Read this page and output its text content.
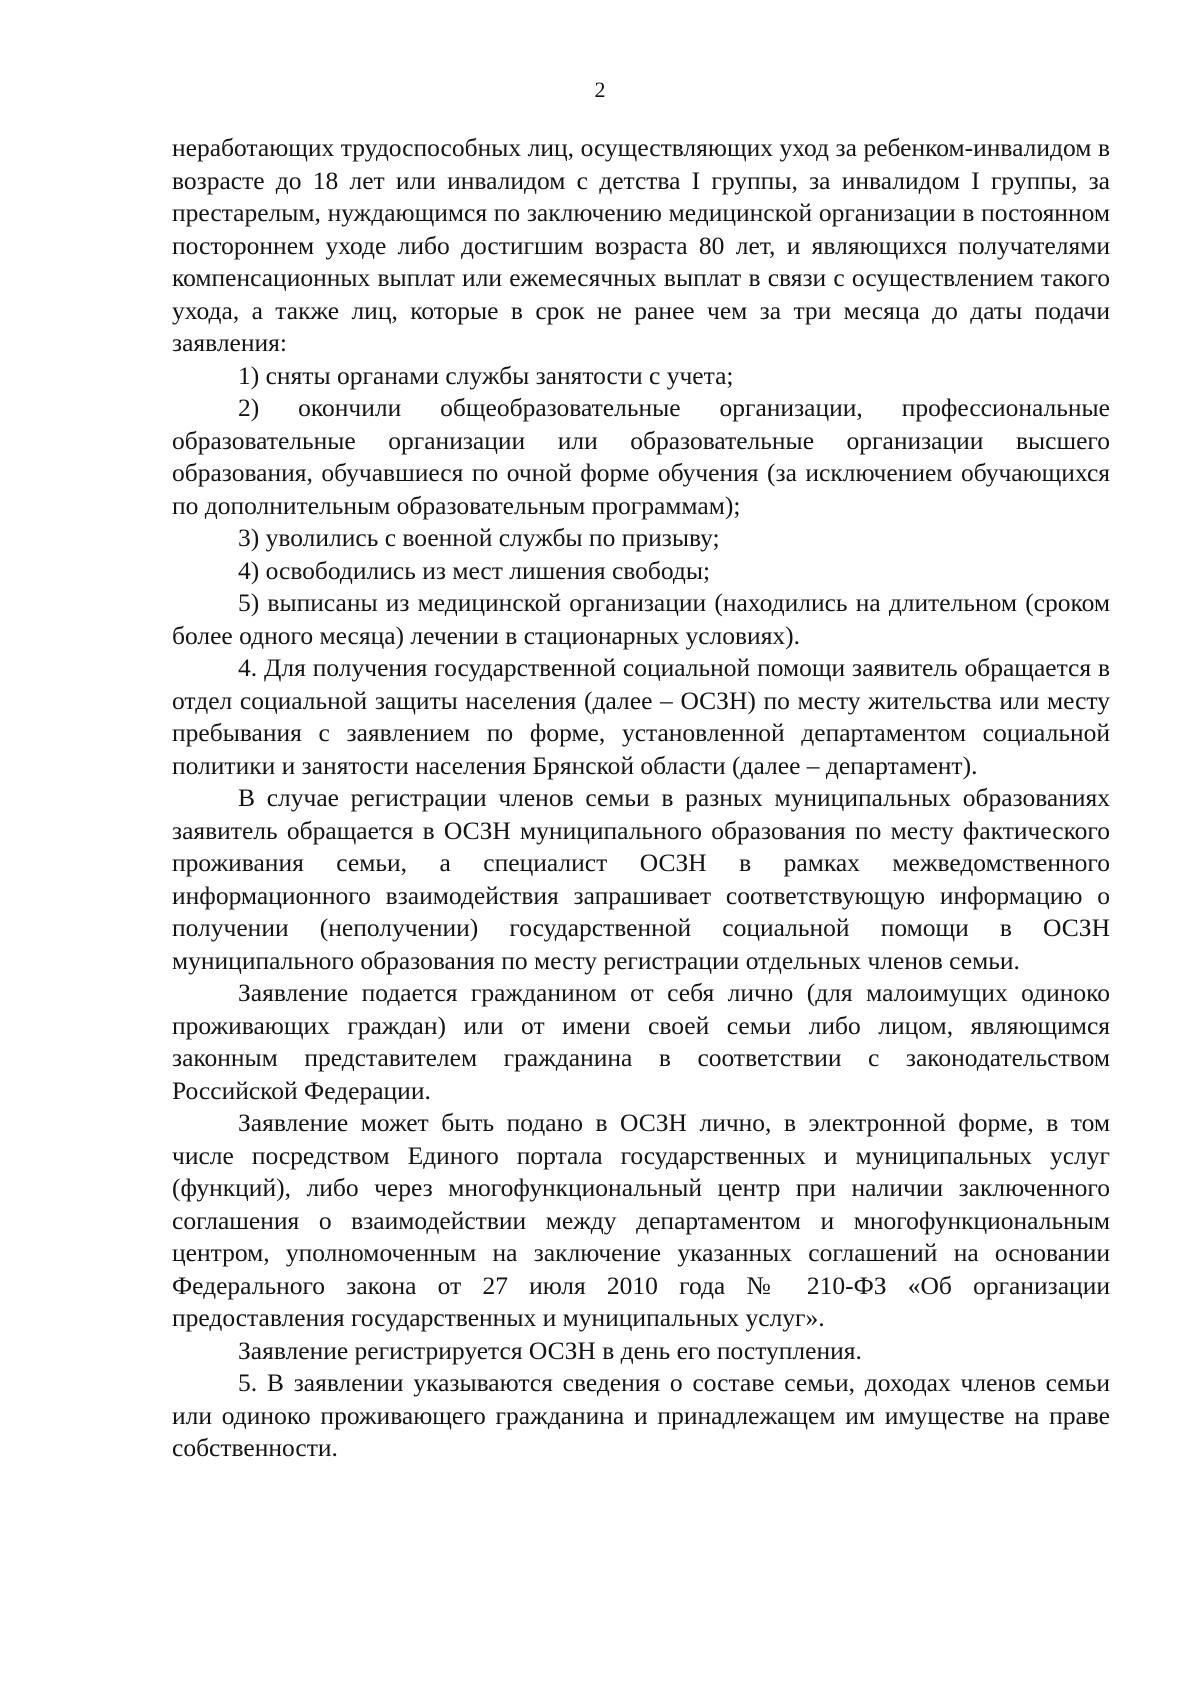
2

неработающих трудоспособных лиц, осуществляющих уход за ребенком-инвалидом в возрасте до 18 лет или инвалидом с детства I группы, за инвалидом I группы, за престарелым, нуждающимся по заключению медицинской организации в постоянном постороннем уходе либо достигшим возраста 80 лет, и являющихся получателями компенсационных выплат или ежемесячных выплат в связи с осуществлением такого ухода, а также лиц, которые в срок не ранее чем за три месяца до даты подачи заявления:

1) сняты органами службы занятости с учета;

2) окончили общеобразовательные организации, профессиональные образовательные организации или образовательные организации высшего образования, обучавшиеся по очной форме обучения (за исключением обучающихся по дополнительным образовательным программам);

3) уволились с военной службы по призыву;

4) освободились из мест лишения свободы;

5) выписаны из медицинской организации (находились на длительном (сроком более одного месяца) лечении в стационарных условиях).

4. Для получения государственной социальной помощи заявитель обращается в отдел социальной защиты населения (далее – ОСЗН) по месту жительства или месту пребывания с заявлением по форме, установленной департаментом социальной политики и занятости населения Брянской области (далее – департамент).

В случае регистрации членов семьи в разных муниципальных образованиях заявитель обращается в ОСЗН муниципального образования по месту фактического проживания семьи, а специалист ОСЗН в рамках межведомственного информационного взаимодействия запрашивает соответствующую информацию о получении (неполучении) государственной социальной помощи в ОСЗН муниципального образования по месту регистрации отдельных членов семьи.

Заявление подается гражданином от себя лично (для малоимущих одиноко проживающих граждан) или от имени своей семьи либо лицом, являющимся законным представителем гражданина в соответствии с законодательством Российской Федерации.

Заявление может быть подано в ОСЗН лично, в электронной форме, в том числе посредством Единого портала государственных и муниципальных услуг (функций), либо через многофункциональный центр при наличии заключенного соглашения о взаимодействии между департаментом и многофункциональным центром, уполномоченным на заключение указанных соглашений на основании Федерального закона от 27 июля 2010 года № 210-ФЗ «Об организации предоставления государственных и муниципальных услуг».

Заявление регистрируется ОСЗН в день его поступления.

5. В заявлении указываются сведения о составе семьи, доходах членов семьи или одиноко проживающего гражданина и принадлежащем им имуществе на праве собственности.
